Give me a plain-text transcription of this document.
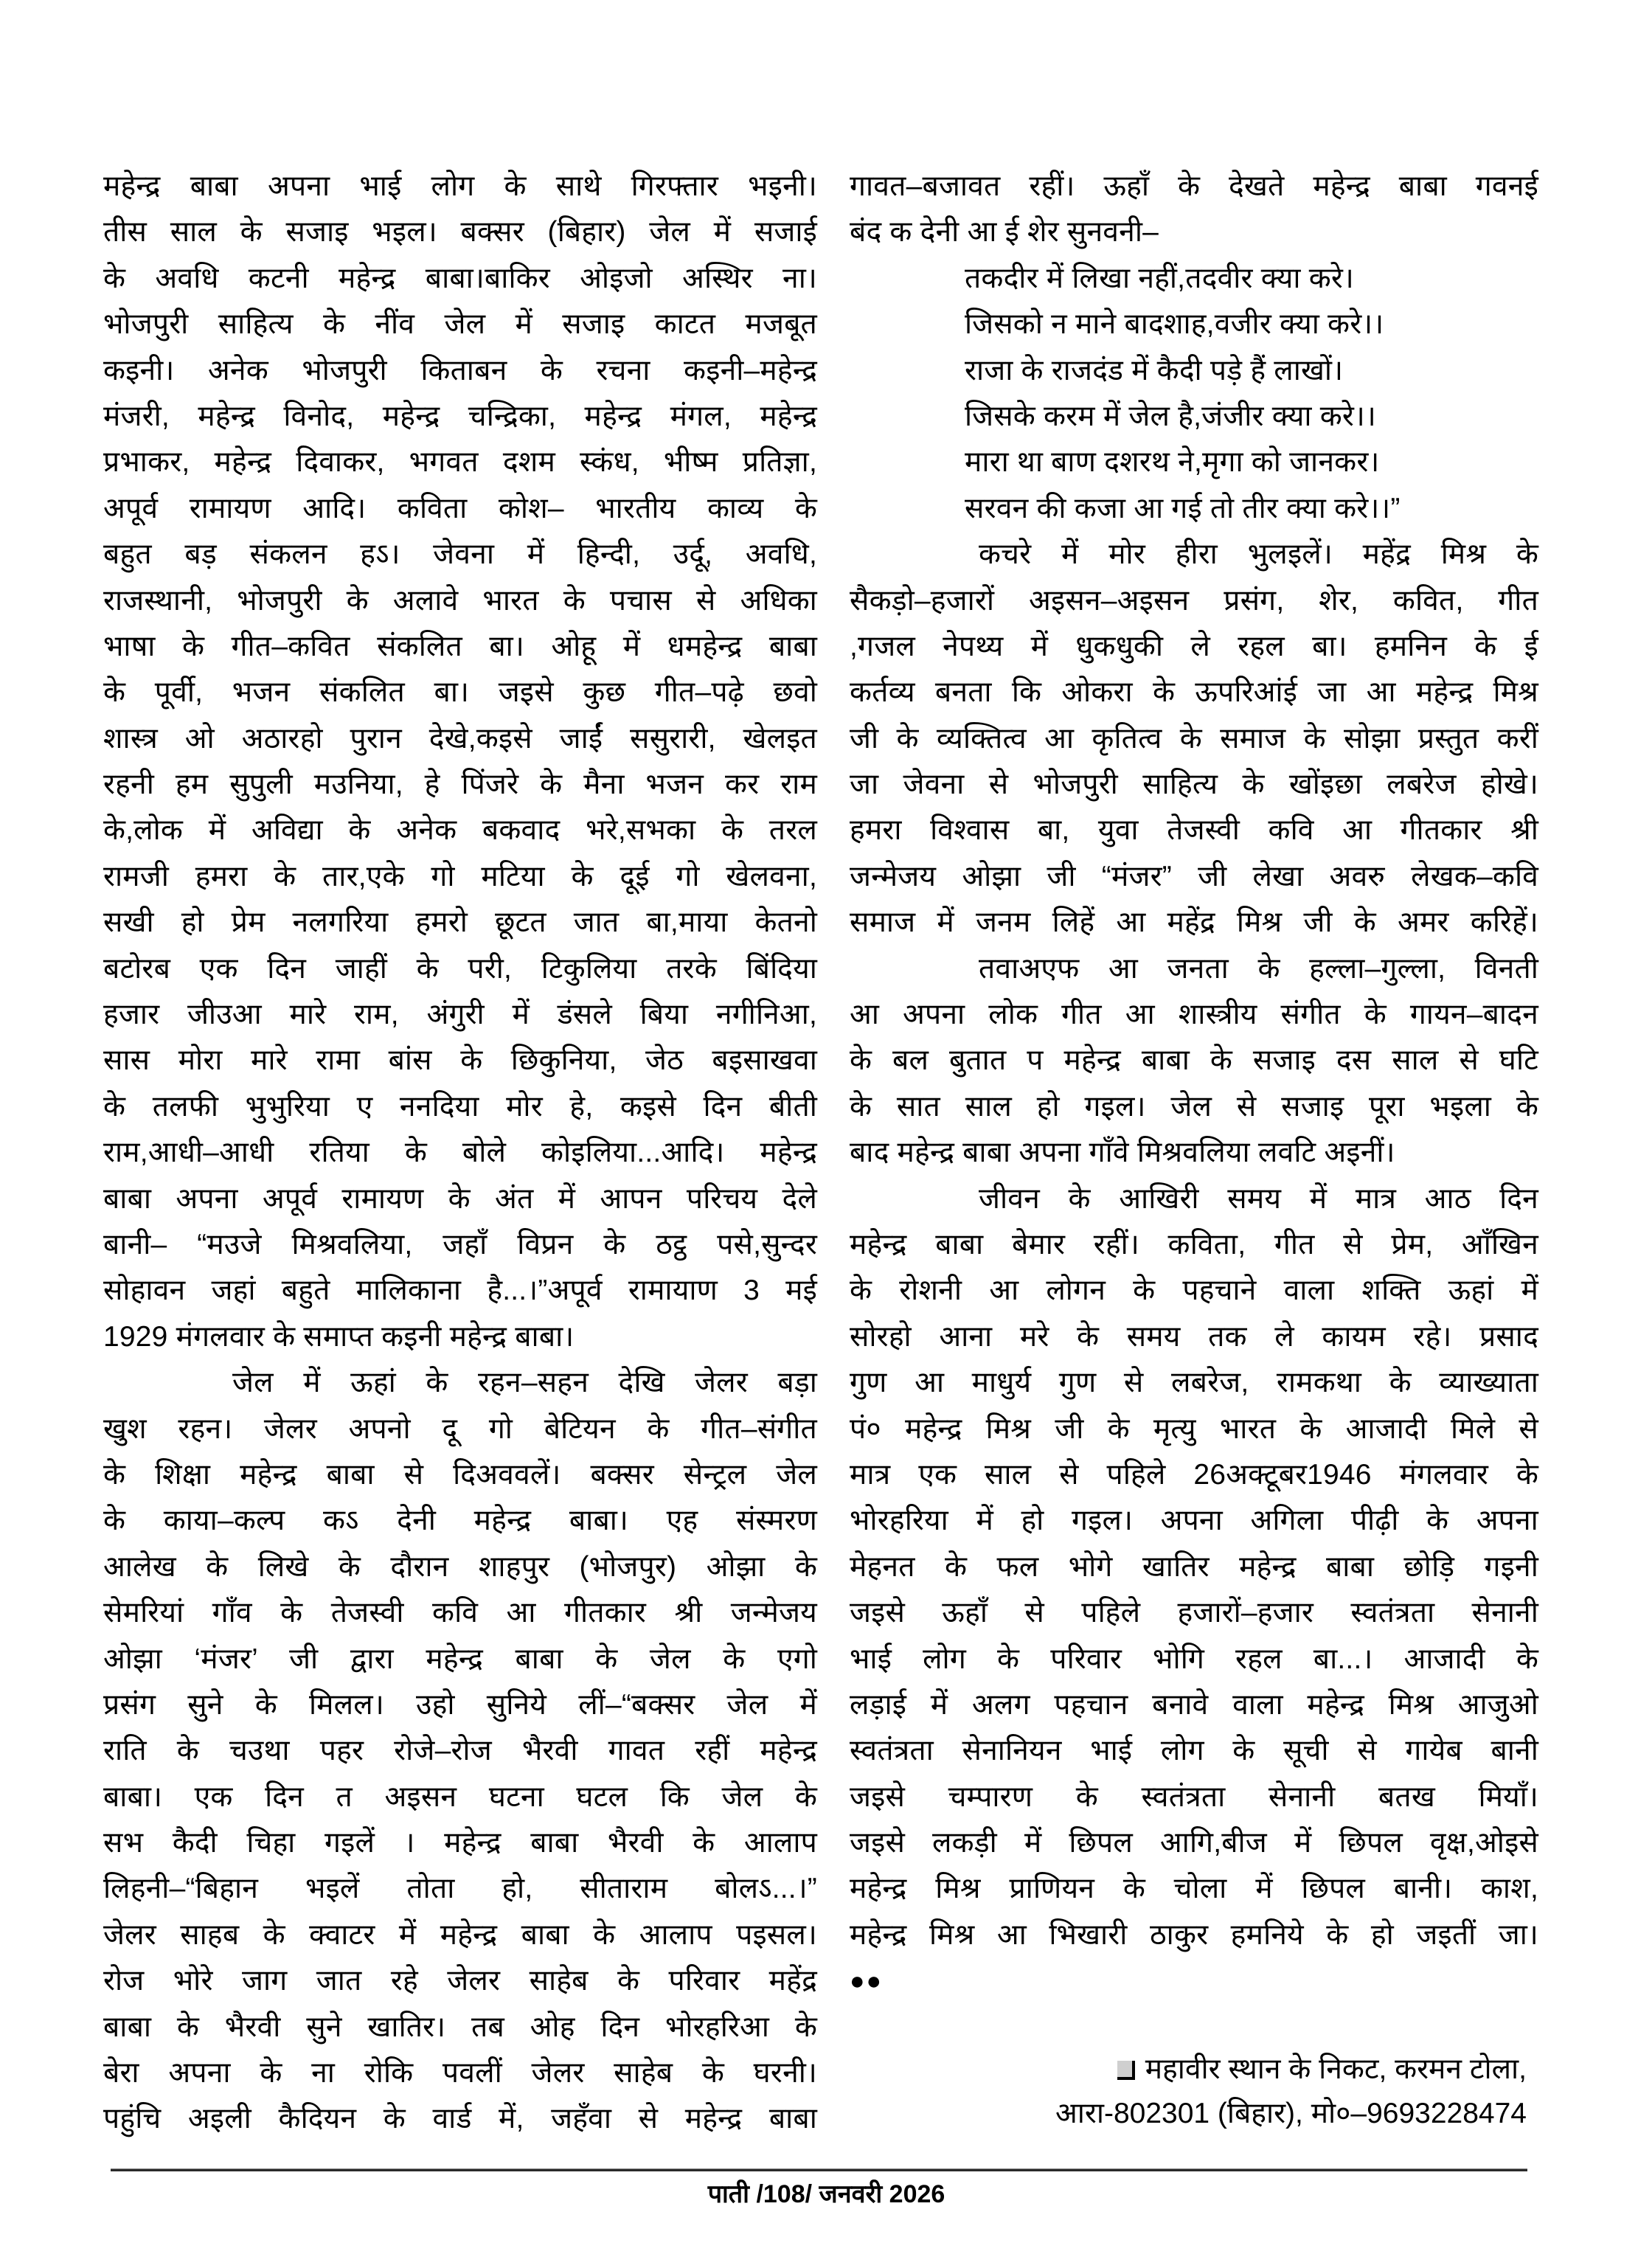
महेन्द्र बाबा अपना भाई लोग के साथे गिरफ्तार भइनी।
तीस साल के सजाइ भइल। बक्सर (बिहार) जेल में सजाई
के अवधि कटनी महेन्द्र बाबा।बाकिर ओइजो अस्थिर ना।
भोजपुरी साहित्य के नींव जेल में सजाइ काटत मजबूत
कइनी। अनेक भोजपुरी किताबन के रचना कइनी–महेन्द्र
मंजरी, महेन्द्र विनोद, महेन्द्र चन्द्रिका, महेन्द्र मंगल, महेन्द्र
प्रभाकर, महेन्द्र दिवाकर, भगवत दशम स्कंध, भीष्म प्रतिज्ञा,
अपूर्व रामायण आदि। कविता कोश– भारतीय काव्य के
बहुत बड़ संकलन हऽ। जेवना में हिन्दी, उर्दू, अवधि,
राजस्थानी, भोजपुरी के अलावे भारत के पचास से अधिका
भाषा के गीत–कवित संकलित बा। ओहू में धमहेन्द्र बाबा
के पूर्वी, भजन संकलित बा। जइसे कुछ गीत–पढ़े छवो
शास्त्र ओ अठारहो पुरान देखे,कइसे जाईं ससुरारी, खेलइत
रहनी हम सुपुली मउनिया, हे पिंजरे के मैना भजन कर राम
के,लोक में अविद्या के अनेक बकवाद भरे,सभका के तरल
रामजी हमरा के तार,एके गो मटिया के दूई गो खेलवना,
सखी हो प्रेम नलगरिया हमरो छूटत जात बा,माया केतनो
बटोरब एक दिन जाहीं के परी, टिकुलिया तरके बिंदिया
हजार जीउआ मारे राम, अंगुरी में डंसले बिया नगीनिआ,
सास मोरा मारे रामा बांस के छिकुनिया, जेठ बइसाखवा
के तलफी भुभुरिया ए ननदिया मोर हे, कइसे दिन बीती
राम,आधी–आधी रतिया के बोले कोइलिया...आदि। महेन्द्र
बाबा अपना अपूर्व रामायण के अंत में आपन परिचय देले
बानी– “मउजे मिश्रवलिया, जहाँ विप्रन के ठट्ठ पसे,सुन्दर
सोहावन जहां बहुते मालिकाना है...।”अपूर्व रामायाण 3 मई
1929 मंगलवार के समाप्त कइनी महेन्द्र बाबा।
जेल में ऊहां के रहन–सहन देखि जेलर बड़ा
खुश रहन। जेलर अपनो दू गो बेटियन के गीत–संगीत
के शिक्षा महेन्द्र बाबा से दिअववलें। बक्सर सेन्ट्रल जेल
के काया–कल्प कऽ देनी महेन्द्र बाबा। एह संस्मरण
आलेख के लिखे के दौरान शाहपुर (भोजपुर) ओझा के
सेमरियां गाँव के तेजस्वी कवि आ गीतकार श्री जन्मेजय
ओझा ‘मंजर’ जी द्वारा महेन्द्र बाबा के जेल के एगो
प्रसंग सुने के मिलल। उहो सुनिये लीं–“बक्सर जेल में
राति के चउथा पहर रोजे–रोज भैरवी गावत रहीं महेन्द्र
बाबा। एक दिन त अइसन घटना घटल कि जेल के
सभ कैदी चिहा गइलें । महेन्द्र बाबा भैरवी के आलाप
लिहनी–“बिहान भइलें तोता हो, सीताराम बोलऽ...।”
जेलर साहब के क्वाटर में महेन्द्र बाबा के आलाप पइसल।
रोज भोरे जाग जात रहे जेलर साहेब के परिवार महेंद्र
बाबा के भैरवी सुने खातिर। तब ओह दिन भोरहरिआ के
बेरा अपना के ना रोकि पवलीं जेलर साहेब के घरनी।
पहुंचि अइली कैदियन के वार्ड में, जहँवा से महेन्द्र बाबा
गावत–बजावत रहीं। ऊहाँ के देखते महेन्द्र बाबा गवनई
बंद क देनी आ ई शेर सुनवनी–
तकदीर में लिखा नहीं,तदवीर क्या करे।
जिसको न माने बादशाह,वजीर क्या करे।।
राजा के राजदंड में कैदी पड़े हैं लाखों।
जिसके करम में जेल है,जंजीर क्या करे।।
मारा था बाण दशरथ ने,मृगा को जानकर।
सरवन की कजा आ गई तो तीर क्या करे।।”
कचरे में मोर हीरा भुलइलें। महेंद्र मिश्र के
सैकड़ो–हजारों अइसन–अइसन प्रसंग, शेर, कवित, गीत
,गजल नेपथ्य में धुकधुकी ले रहल बा। हमनिन के ई
कर्तव्य बनता कि ओकरा के ऊपरिआंई जा आ महेन्द्र मिश्र
जी के व्यक्तित्व आ कृतित्व के समाज के सोझा प्रस्तुत करीं
जा जेवना से भोजपुरी साहित्य के खोंइछा लबरेज होखे।
हमरा विश्वास बा, युवा तेजस्वी कवि आ गीतकार श्री
जन्मेजय ओझा जी “मंजर” जी लेखा अवरु लेखक–कवि
समाज में जनम लिहें आ महेंद्र मिश्र जी के अमर करिहें।
तवाअएफ आ जनता के हल्ला–गुल्ला, विनती
आ अपना लोक गीत आ शास्त्रीय संगीत के गायन–बादन
के बल बुतात प महेन्द्र बाबा के सजाइ दस साल से घटि
के सात साल हो गइल। जेल से सजाइ पूरा भइला के
बाद महेन्द्र बाबा अपना गाँवे मिश्रवलिया लवटि अइनीं।
जीवन के आखिरी समय में मात्र आठ दिन
महेन्द्र बाबा बेमार रहीं। कविता, गीत से प्रेम, आँखिन
के रोशनी आ लोगन के पहचाने वाला शक्ति ऊहां में
सोरहो आना मरे के समय तक ले कायम रहे। प्रसाद
गुण आ माधुर्य गुण से लबरेज, रामकथा के व्याख्याता
पं० महेन्द्र मिश्र जी के मृत्यु भारत के आजादी मिले से
मात्र एक साल से पहिले 26अक्टूबर1946 मंगलवार के
भोरहरिया में हो गइल। अपना अगिला पीढ़ी के अपना
मेहनत के फल भोगे खातिर महेन्द्र बाबा छोड़ि गइनी
जइसे ऊहाँ से पहिले हजारों–हजार स्वतंत्रता सेनानी
भाई लोग के परिवार भोगि रहल बा...। आजादी के
लड़ाई में अलग पहचान बनावे वाला महेन्द्र मिश्र आजुओ
स्वतंत्रता सेनानियन भाई लोग के सूची से गायेब बानी
जइसे चम्पारण के स्वतंत्रता सेनानी बतख मियाँ।
जइसे लकड़ी में छिपल आगि,बीज में छिपल वृक्ष,ओइसे
महेन्द्र मिश्र प्राणियन के चोला में छिपल बानी। काश,
महेन्द्र मिश्र आ भिखारी ठाकुर हमनिये के हो जइतीं जा।
●●
महावीर स्थान के निकट, करमन टोला,
आरा-802301 (बिहार), मो०–9693228474
पाती /108/ जनवरी 2026
